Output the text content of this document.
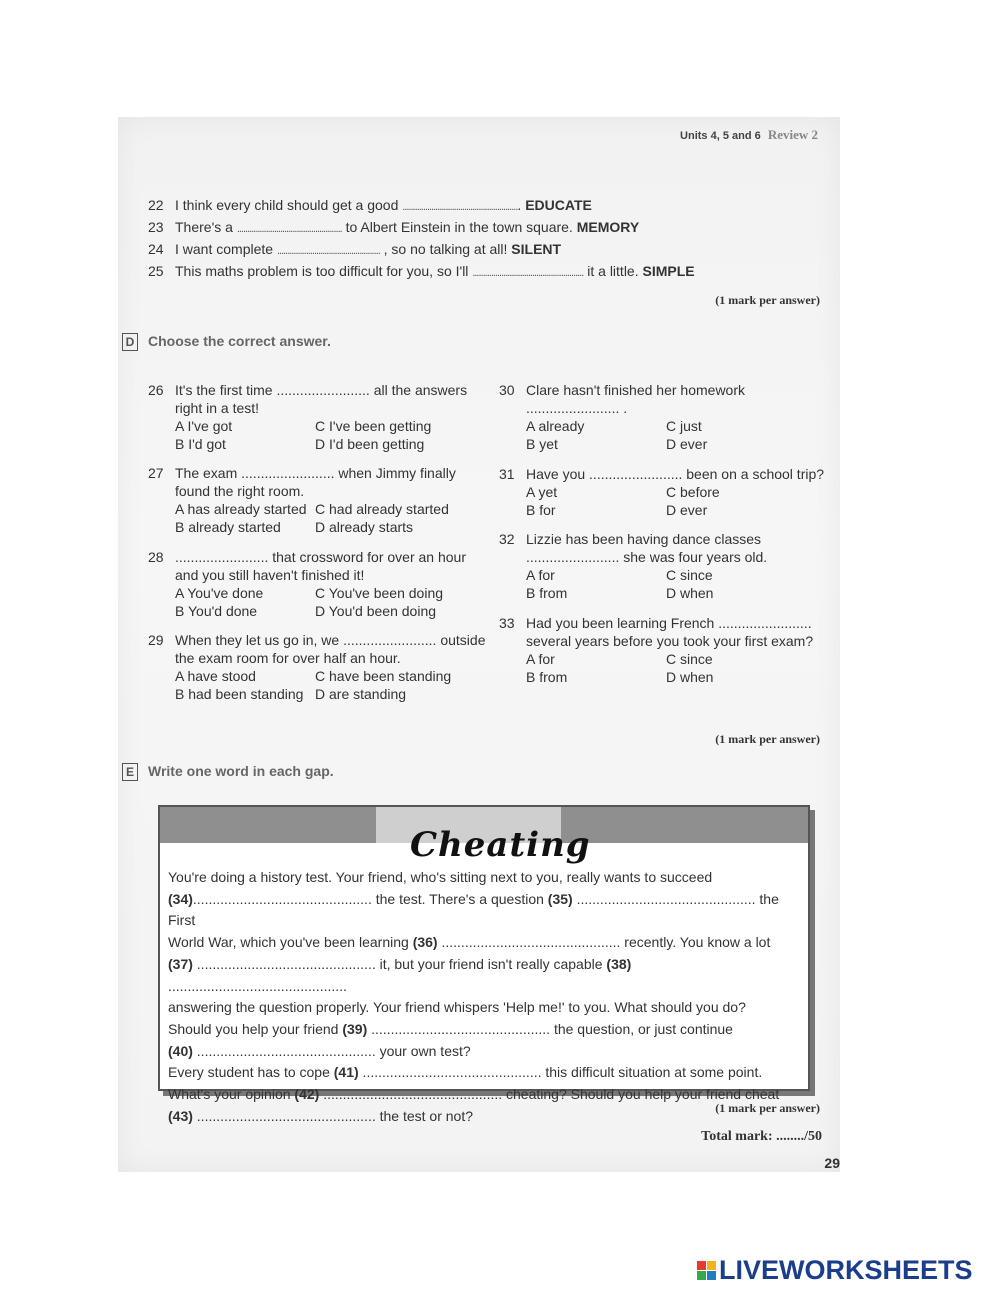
Units 4, 5 and 6 Review 2
22 I think every child should get a good ......................................................... EDUCATE
23 There's a ................................................... to Albert Einstein in the town square. MEMORY
24 I want complete .................................................. , so no talking at all! SILENT
25 This maths problem is too difficult for you, so I'll ...................................................... it a little. SIMPLE
(1 mark per answer)
D Choose the correct answer.
26 It's the first time ........................ all the answers
right in a test!
A I've got	C I've been getting
B I'd got	D I'd been getting
27 The exam ........................ when Jimmy finally
found the right room.
A has already started C had already started
B already started	D already starts
28 ........................ that crossword for over an hour
and you still haven't finished it!
A You've done	C You've been doing
B You'd done	D You'd been doing
29 When they let us go in, we ........................ outside
the exam room for over half an hour.
A have stood	C have been standing
B had been standing D are standing
30 Clare hasn't finished her homework
........................ .
A already	C just
B yet	D ever
31 Have you ........................ been on a school trip?
A yet	C before
B for	D ever
32 Lizzie has been having dance classes
........................ she was four years old.
A for	C since
B from	D when
33 Had you been learning French ........................
several years before you took your first exam?
A for	C since
B from	D when
(1 mark per answer)
E Write one word in each gap.
Cheating
You're doing a history test. Your friend, who's sitting next to you, really wants to succeed
(34).............................................. the test. There's a question (35) .............................................. the First
World War, which you've been learning (36) .............................................. recently. You know a lot
(37) .............................................. it, but your friend isn't really capable (38) ..............................................
answering the question properly. Your friend whispers 'Help me!' to you. What should you do?
Should you help your friend (39) .............................................. the question, or just continue
(40) .............................................. your own test?
Every student has to cope (41) .............................................. this difficult situation at some point.
What's your opinion (42) .............................................. cheating? Should you help your friend cheat
(43) .............................................. the test or not?	(1 mark per answer)
Total mark: ......../50
29
LIVEWORKSHEETS
